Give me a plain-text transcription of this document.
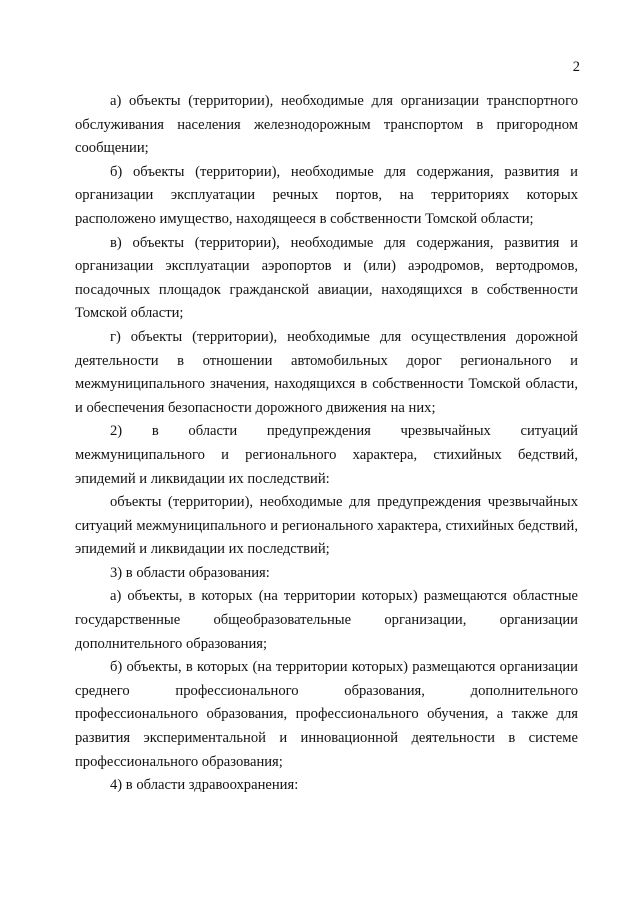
2

а) объекты (территории), необходимые для организации транспортного обслуживания населения железнодорожным транспортом в пригородном сообщении;

б) объекты (территории), необходимые для содержания, развития и организации эксплуатации речных портов, на территориях которых расположено имущество, находящееся в собственности Томской области;

в) объекты (территории), необходимые для содержания, развития и организации эксплуатации аэропортов и (или) аэродромов, вертодромов, посадочных площадок гражданской авиации, находящихся в собственности Томской области;

г) объекты (территории), необходимые для осуществления дорожной деятельности в отношении автомобильных дорог регионального и межмуниципального значения, находящихся в собственности Томской области, и обеспечения безопасности дорожного движения на них;

2) в области предупреждения чрезвычайных ситуаций межмуниципального и регионального характера, стихийных бедствий, эпидемий и ликвидации их последствий:

объекты (территории), необходимые для предупреждения чрезвычайных ситуаций межмуниципального и регионального характера, стихийных бедствий, эпидемий и ликвидации их последствий;

3) в области образования:

а) объекты, в которых (на территории которых) размещаются областные государственные общеобразовательные организации, организации дополнительного образования;

б) объекты, в которых (на территории которых) размещаются организации среднего профессионального образования, дополнительного профессионального образования, профессионального обучения, а также для развития экспериментальной и инновационной деятельности в системе профессионального образования;

4) в области здравоохранения:
